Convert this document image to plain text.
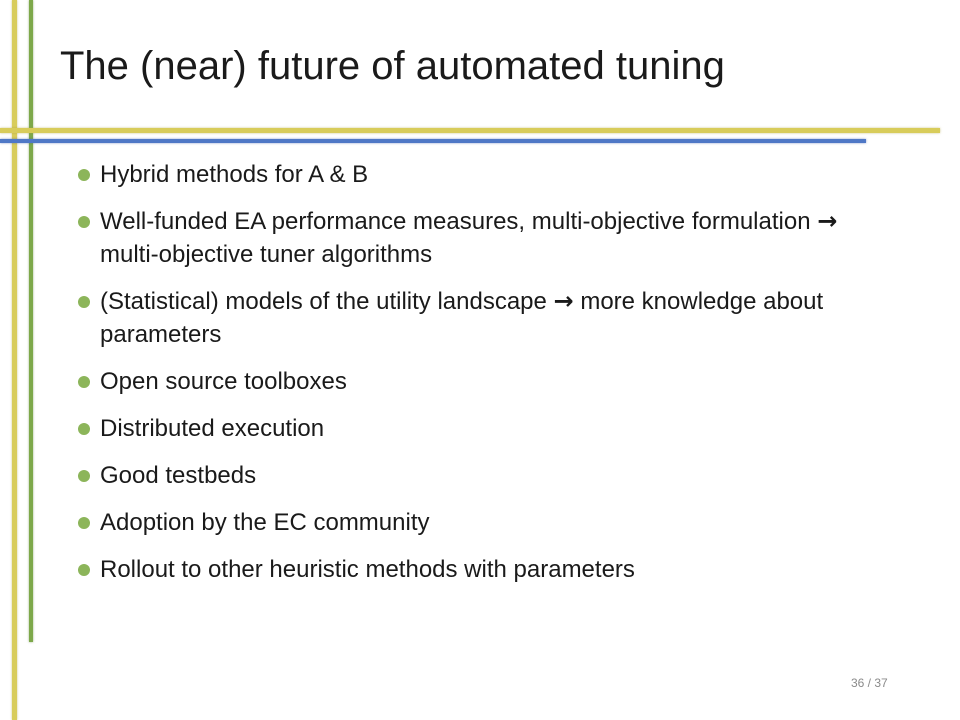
The (near) future of automated tuning
Hybrid methods for A & B
Well-funded EA performance measures, multi-objective formulation → multi-objective tuner algorithms
(Statistical) models of the utility landscape → more knowledge about parameters
Open source toolboxes
Distributed execution
Good testbeds
Adoption by the EC community
Rollout to other heuristic methods with parameters
36 / 37
